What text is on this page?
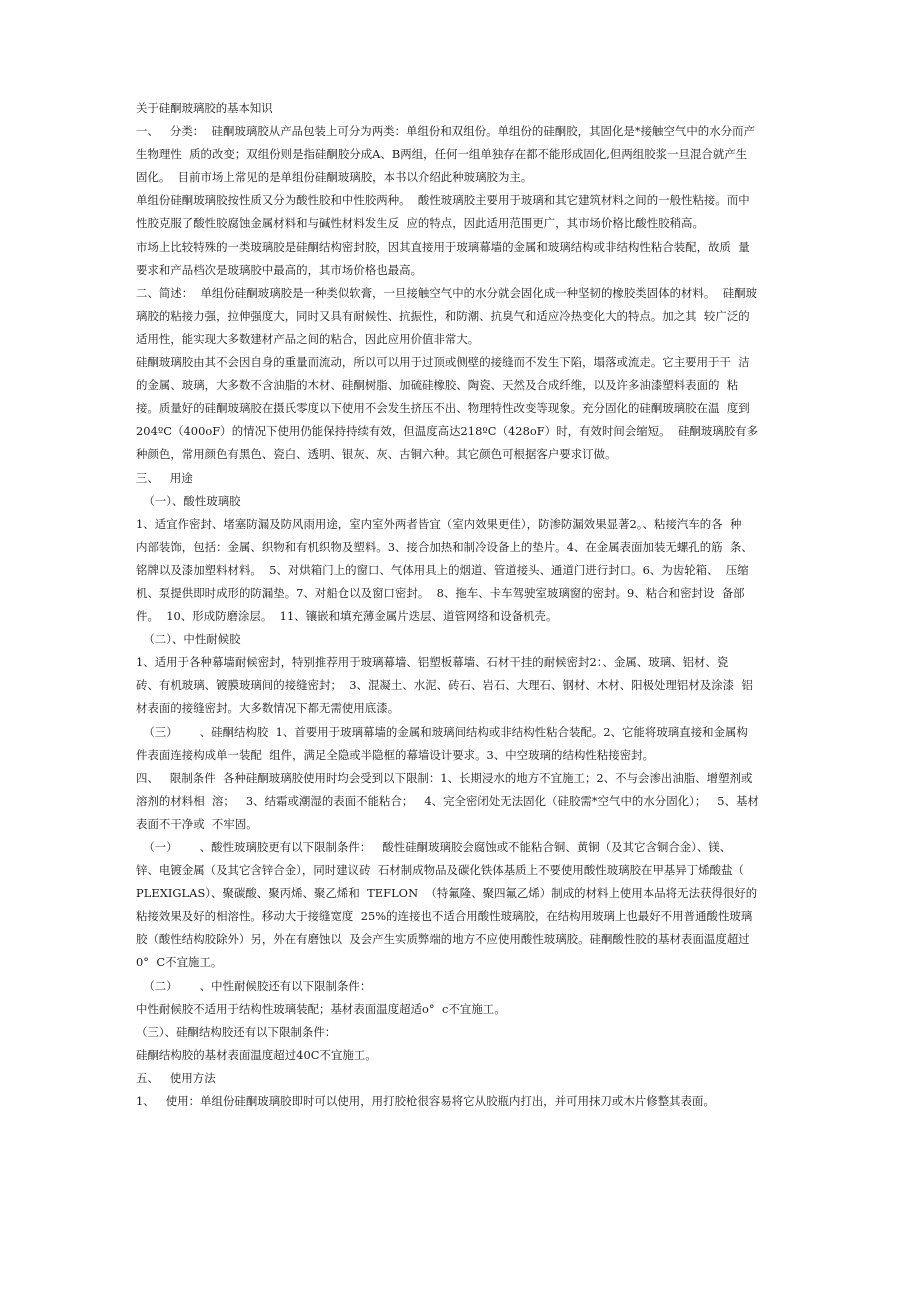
关于硅酮玻璃胶的基本知识

一、   分类：  硅酮玻璃胶从产品包装上可分为两类：单组份和双组份。单组份的硅酮胶，其固化是*接触空气中的水分而产

生物理性  质的改变；双组份则是指硅酮胶分成A、B两组，任何一组单独存在都不能形成固化,但两组胶浆一旦混合就产生

固化。  目前市场上常见的是单组份硅酮玻璃胶，本书以介绍此种玻璃胶为主。

单组份硅酮玻璃胶按性质又分为酸性胶和中性胶两种。  酸性玻璃胶主要用于玻璃和其它建筑材料之间的一般性粘接。而中

性胶克服了酸性胶腐蚀金属材料和与碱性材料发生反  应的特点，因此适用范围更广，其市场价格比酸性胶稍高。

市场上比较特殊的一类玻璃胶是硅酮结构密封胶，因其直接用于玻璃幕墙的金属和玻璃结构或非结构性粘合装配，故质  量

要求和产品档次是玻璃胶中最高的，其市场价格也最高。

二、简述：  单组份硅酮玻璃胶是一种类似软膏，一旦接触空气中的水分就会固化成一种坚韧的橡胶类固体的材料。  硅酮玻

璃胶的粘接力强，拉伸强度大，同时又具有耐候性、抗振性，和防潮、抗臭气和适应冷热变化大的特点。加之其  较广泛的

适用性，能实现大多数建材产品之间的粘合，因此应用价值非常大。

硅酮玻璃胶由其不会因自身的重量而流动，所以可以用于过顶或侧壁的接缝而不发生下陷，塌落或流走。它主要用于干  洁

的金属、玻璃，大多数不含油脂的木材、硅酮树脂、加硫硅橡胶、陶瓷、天然及合成纤维，以及许多油漆塑料表面的  粘

接。质量好的硅酮玻璃胶在摄氏零度以下使用不会发生挤压不出、物理特性改变等现象。充分固化的硅酮玻璃胶在温  度到

204ºC（400oF）的情况下使用仍能保持持续有效，但温度高达218ºC（428oF）时，有效时间会缩短。  硅酮玻璃胶有多

种颜色，常用颜色有黑色、瓷白、透明、银灰、灰、古铜六种。其它颜色可根据客户要求订做。

三、   用途

（一）、酸性玻璃胶

1、适宜作密封、堵塞防漏及防风雨用途，室内室外两者皆宜（室内效果更佳），防渗防漏效果显著2。、粘接汽车的各  种

内部装饰，包括：金属、织物和有机织物及塑料。3、接合加热和制冷设备上的垫片。4、在金属表面加装无螺孔的筋  条、

铭牌以及漆加塑料材料。  5、对烘箱门上的窗口、气体用具上的烟道、管道接头、通道门进行封口。6、为齿轮箱、  压缩

机、泵提供即时成形的防漏垫。7、对船仓以及窗口密封。  8、拖车、卡车驾驶室玻璃窗的密封。9、粘合和密封设  备部

件。  10、形成防磨涂层。  11、镶嵌和填充薄金属片迭层、道管网络和设备机壳。

（二）、中性耐候胶

1、适用于各种幕墙耐候密封，特别推荐用于玻璃幕墙、铝塑板幕墙、石材干挂的耐候密封2：、金属、玻璃、铝材、瓷

砖、有机玻璃、镀膜玻璃间的接缝密封；  3、混凝土、水泥、砖石、岩石、大理石、钢材、木材、阳极处理铝材及涂漆  铝

材表面的接缝密封。大多数情况下都无需使用底漆。

（三）      、硅酮结构胶  1、首要用于玻璃幕墙的金属和玻璃间结构或非结构性粘合装配。2、它能将玻璃直接和金属构

件表面连接构成单一装配  组件，满足全隐或半隐框的幕墙设计要求。3、中空玻璃的结构性粘接密封。

四、   限制条件  各种硅酮玻璃胶使用时均会受到以下限制：1、长期浸水的地方不宜施工；2、不与会渗出油脂、增塑剂或

溶剂的材料相  溶；   3、结霜或潮湿的表面不能粘合；   4、完全密闭处无法固化（硅胶需*空气中的水分固化）；   5、基材

表面不干净或  不牢固。

（一）      、酸性玻璃胶更有以下限制条件：   酸性硅酮玻璃胶会腐蚀或不能粘合铜、黄铜（及其它含铜合金）、镁、

锌、电镀金属（及其它含锌合金），同时建议砖  石材制成物品及碳化铁体基质上不要使用酸性玻璃胶在甲基异丁烯酸盐（

PLEXIGLAS）、聚碳酸、聚丙烯、聚乙烯和  TEFLON  （特氟隆、聚四氟乙烯）制成的材料上使用本品将无法获得很好的

粘接效果及好的相溶性。移动大于接缝宽度  25%的连接也不适合用酸性玻璃胶，在结构用玻璃上也最好不用普通酸性玻璃

胶（酸性结构胶除外）另，外在有磨蚀以  及会产生实质弊端的地方不应使用酸性玻璃胶。硅酮酸性胶的基材表面温度超过

0°  C不宜施工。

（二）      、中性耐候胶还有以下限制条件：

中性耐候胶不适用于结构性玻璃装配；基材表面温度超适o°  c不宜施工。

（三）、硅酮结构胶还有以下限制条件：

硅酮结构胶的基材表面温度超过40C不宜施工。

五、   使用方法

1、   使用：单组份硅酮玻璃胶即时可以使用，用打胶枪很容易将它从胶瓶内打出，并可用抹刀或木片修整其表面。
